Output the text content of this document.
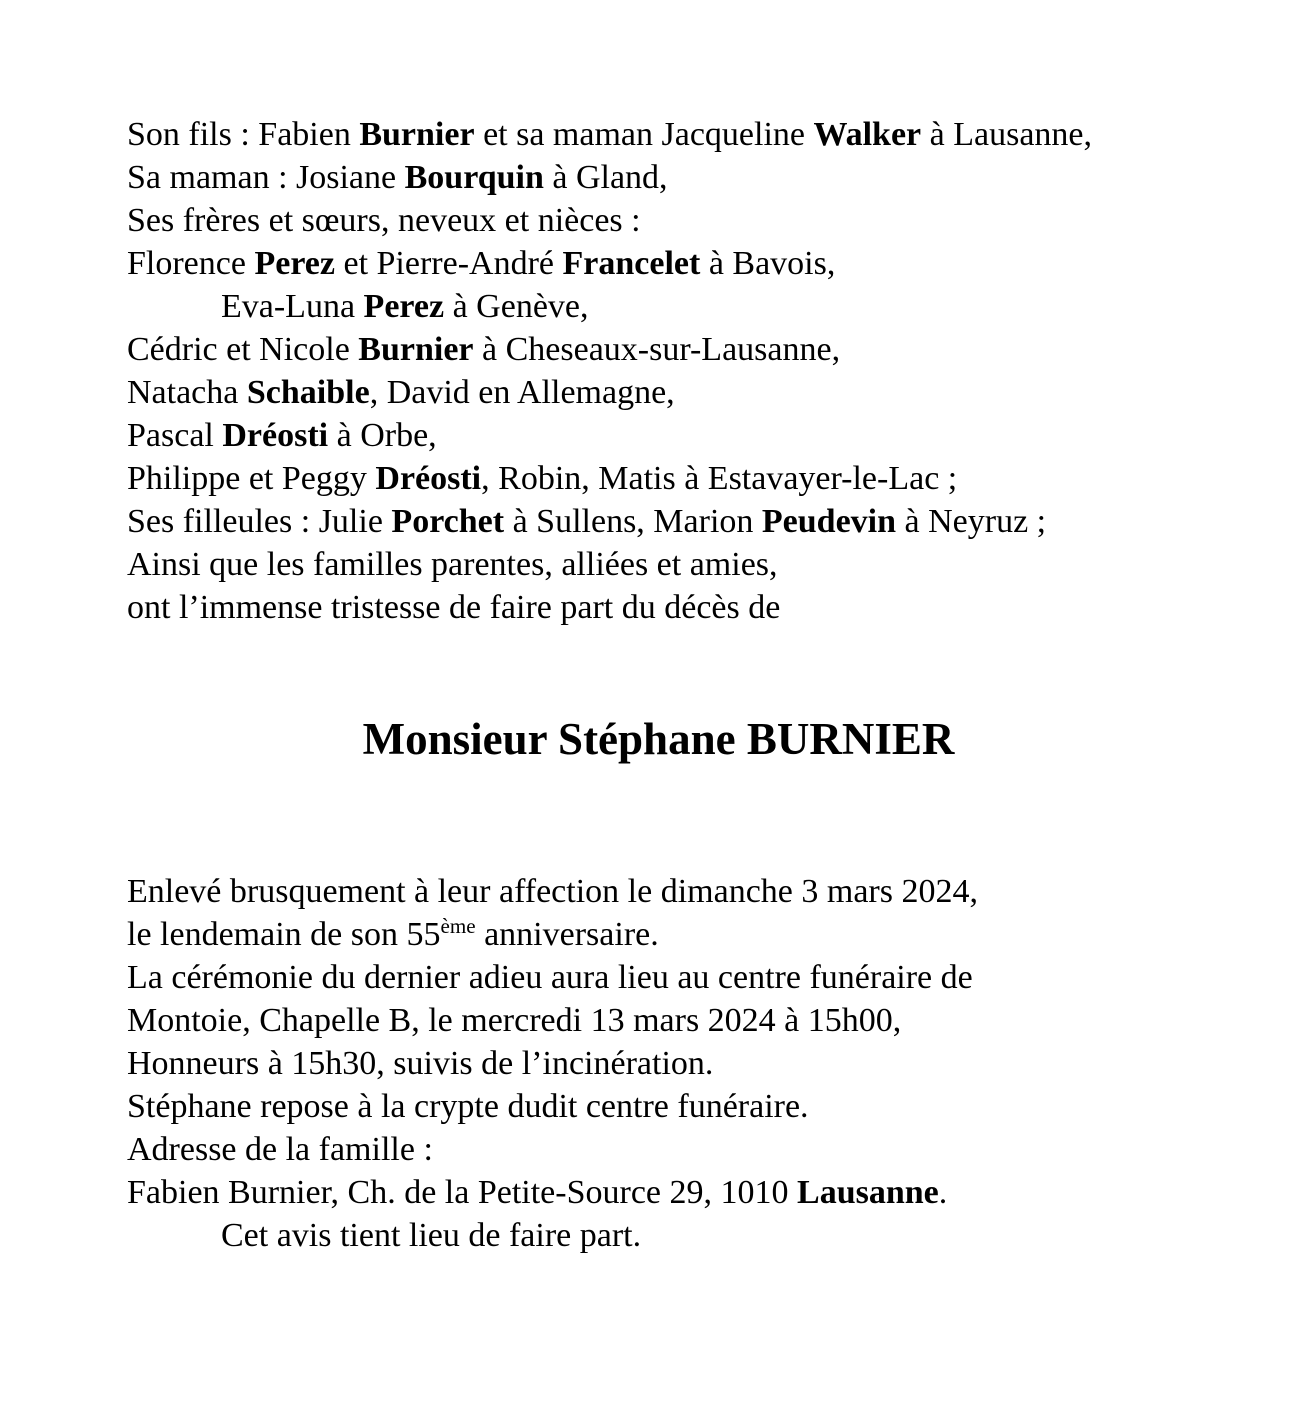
Son fils : Fabien Burnier et sa maman Jacqueline Walker à Lausanne,
Sa maman : Josiane Bourquin à Gland,
Ses frères et sœurs, neveux et nièces :
Florence Perez et Pierre-André Francelet à Bavois,
Eva-Luna Perez à Genève,
Cédric et Nicole Burnier à Cheseaux-sur-Lausanne,
Natacha Schaible, David en Allemagne,
Pascal Dréosti à Orbe,
Philippe et Peggy Dréosti, Robin, Matis à Estavayer-le-Lac ;
Ses filleules : Julie Porchet à Sullens, Marion Peudevin à Neyruz ;
Ainsi que les familles parentes, alliées et amies,
ont l’immense tristesse de faire part du décès de
Monsieur Stéphane BURNIER
Enlevé brusquement à leur affection le dimanche 3 mars 2024,
le lendemain de son 55ème anniversaire.
La cérémonie du dernier adieu aura lieu au centre funéraire de
Montoie, Chapelle B, le mercredi 13 mars 2024 à 15h00,
Honneurs à 15h30, suivis de l’incinération.
Stéphane repose à la crypte dudit centre funéraire.
Adresse de la famille :
Fabien Burnier, Ch. de la Petite-Source 29, 1010 Lausanne.
Cet avis tient lieu de faire part.
